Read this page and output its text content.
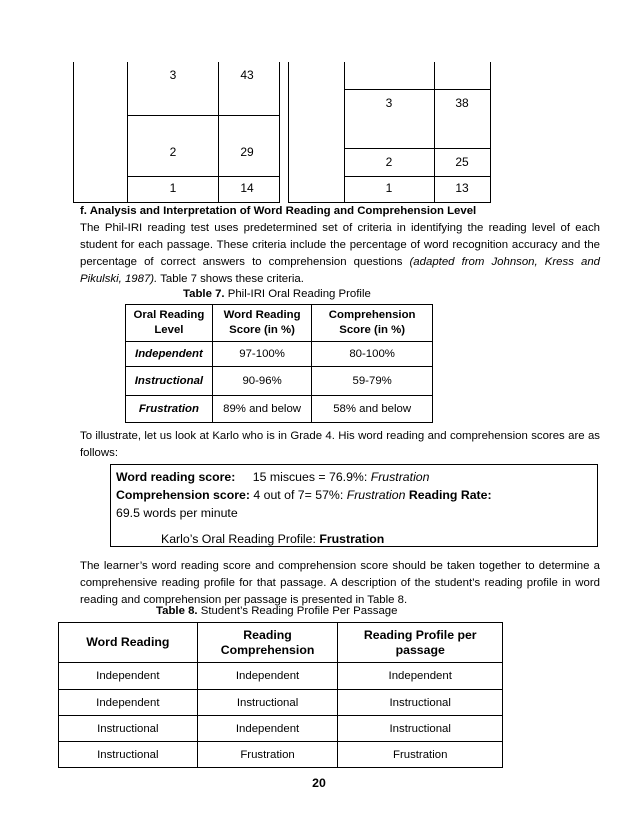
3	43
2	29
1	14
3	38
2	25
1	13
f. Analysis and Interpretation of Word Reading and Comprehension Level
The Phil-IRI reading test uses predetermined set of criteria in identifying the reading level of each student for each passage. These criteria include the percentage of word recognition accuracy and the percentage of correct answers to comprehension questions (adapted from Johnson, Kress and Pikulski, 1987). Table 7 shows these criteria.
Table 7. Phil-IRI Oral Reading Profile
Oral Reading Level	Word Reading Score (in %)	Comprehension Score (in %)
Independent	97-100%	80-100%
Instructional	90-96%	59-79%
Frustration	89% and below	58% and below
To illustrate, let us look at Karlo who is in Grade 4. His word reading and comprehension scores are as follows:
Word reading score: 15 miscues = 76.9%: Frustration
Comprehension score: 4 out of 7= 57%: Frustration Reading Rate:
69.5 words per minute
Karlo’s Oral Reading Profile: Frustration
The learner’s word reading score and comprehension score should be taken together to determine a comprehensive reading profile for that passage. A description of the student’s reading profile in word reading and comprehension per passage is presented in Table 8.
Table 8. Student’s Reading Profile Per Passage
Word Reading	Reading Comprehension	Reading Profile per passage
Independent	Independent	Independent
Independent	Instructional	Instructional
Instructional	Independent	Instructional
Instructional	Frustration	Frustration
20
